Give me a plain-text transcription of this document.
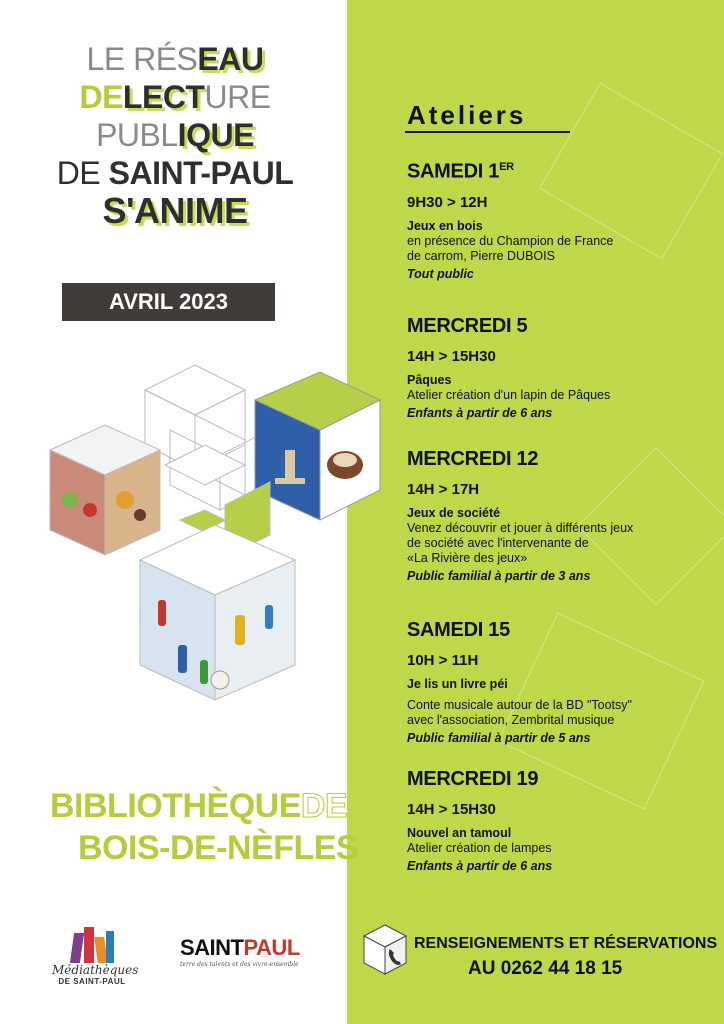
LE RÉSEAU
DELECTURE
PUBLIQUE
DE SAINT-PAUL
S'ANIME
AVRIL 2023
BIBLIOTHÈQUEDE
BOIS-DE-NÈFLES
Médiathèques
DE SAINT-PAUL
SAINTPAUL
terre des talents et des vivre-ensemble
Ateliers
SAMEDI 1ER
9H30 > 12H
Jeux en bois
en présence du Champion de France
de carrom, Pierre DUBOIS
Tout public
MERCREDI 5
14H > 15H30
Pâques
Atelier création d'un lapin de Pâques
Enfants à partir de 6 ans
MERCREDI 12
14H > 17H
Jeux de société
Venez découvrir et jouer à différents jeux
de société avec l'intervenante de
«La Rivière des jeux»
Public familial à partir de 3 ans
SAMEDI 15
10H > 11H
Je lis un livre péi
Conte musicale autour de la BD "Tootsy"
avec l'association, Zembrital musique
Public familial à partir de 5 ans
MERCREDI 19
14H > 15H30
Nouvel an tamoul
Atelier création de lampes
Enfants à partir de 6 ans
RENSEIGNEMENTS ET RÉSERVATIONS
AU 0262 44 18 15
